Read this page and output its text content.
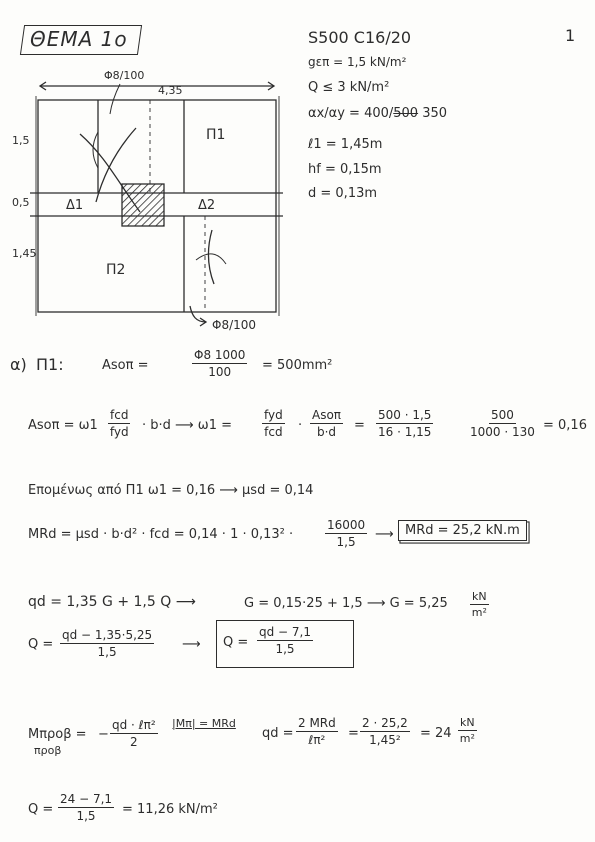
1
ΘΕΜΑ 1ο	S500 C16/20
gεπ = 1,5 kN/m²
Q ≤ 3 kN/m²
αx/αy = 400/500 350
ℓ1 = 1,45m
hf = 0,15m
d = 0,13m
Φ8/100
4,35
1,5
0,5
1,45
Π1
Π2
Δ1	Δ2
Φ8/100
α) Π1:	Asοπ =	$\frac{\Phi 8 1000}{100} = 500mm^2$
Asοπ = ω1
fcd
fyd · b·d ⟶ ω1 =
fyd
fcd ·
Asοπ
$b\cdot d = \frac{500 \cdot 1,5}{16 \cdot 1,15}$	$\frac{500}{1000 \cdot 130} = 0,16$
Επομένως από Π1 ω1 = 0,16 ⟶ μsd = 0,14
MRd = μsd · b·d² · fcd = 0,14 · 1 · 0,13² ·	$\frac{16000}{1,5}$ ⟶ MRd = 25,2 kN.m
qd = 1,35 G + 1,5 Q ⟶	G = 0,15·25 + 1,5 ⟶ $G = 5,25 \frac{kN}{\text{m²}}$
$Q = \frac{qd - 1,35\cdot 5,25}{1,5}$ ⟶ $Q = \frac{qd - 7,1}{1,5}$
Mπροβ =
προβ
−
qd · ℓπ²
2
|Mπ| = MRd
qd =
2 MRd
ℓπ² = $\frac{2 \cdot 25,2}{\text{1,45²}} = 24 \frac{kN}{\text{m²}}$
$Q = \frac{24 - 7,1}{1,5} = 11,26$ kN/m²
